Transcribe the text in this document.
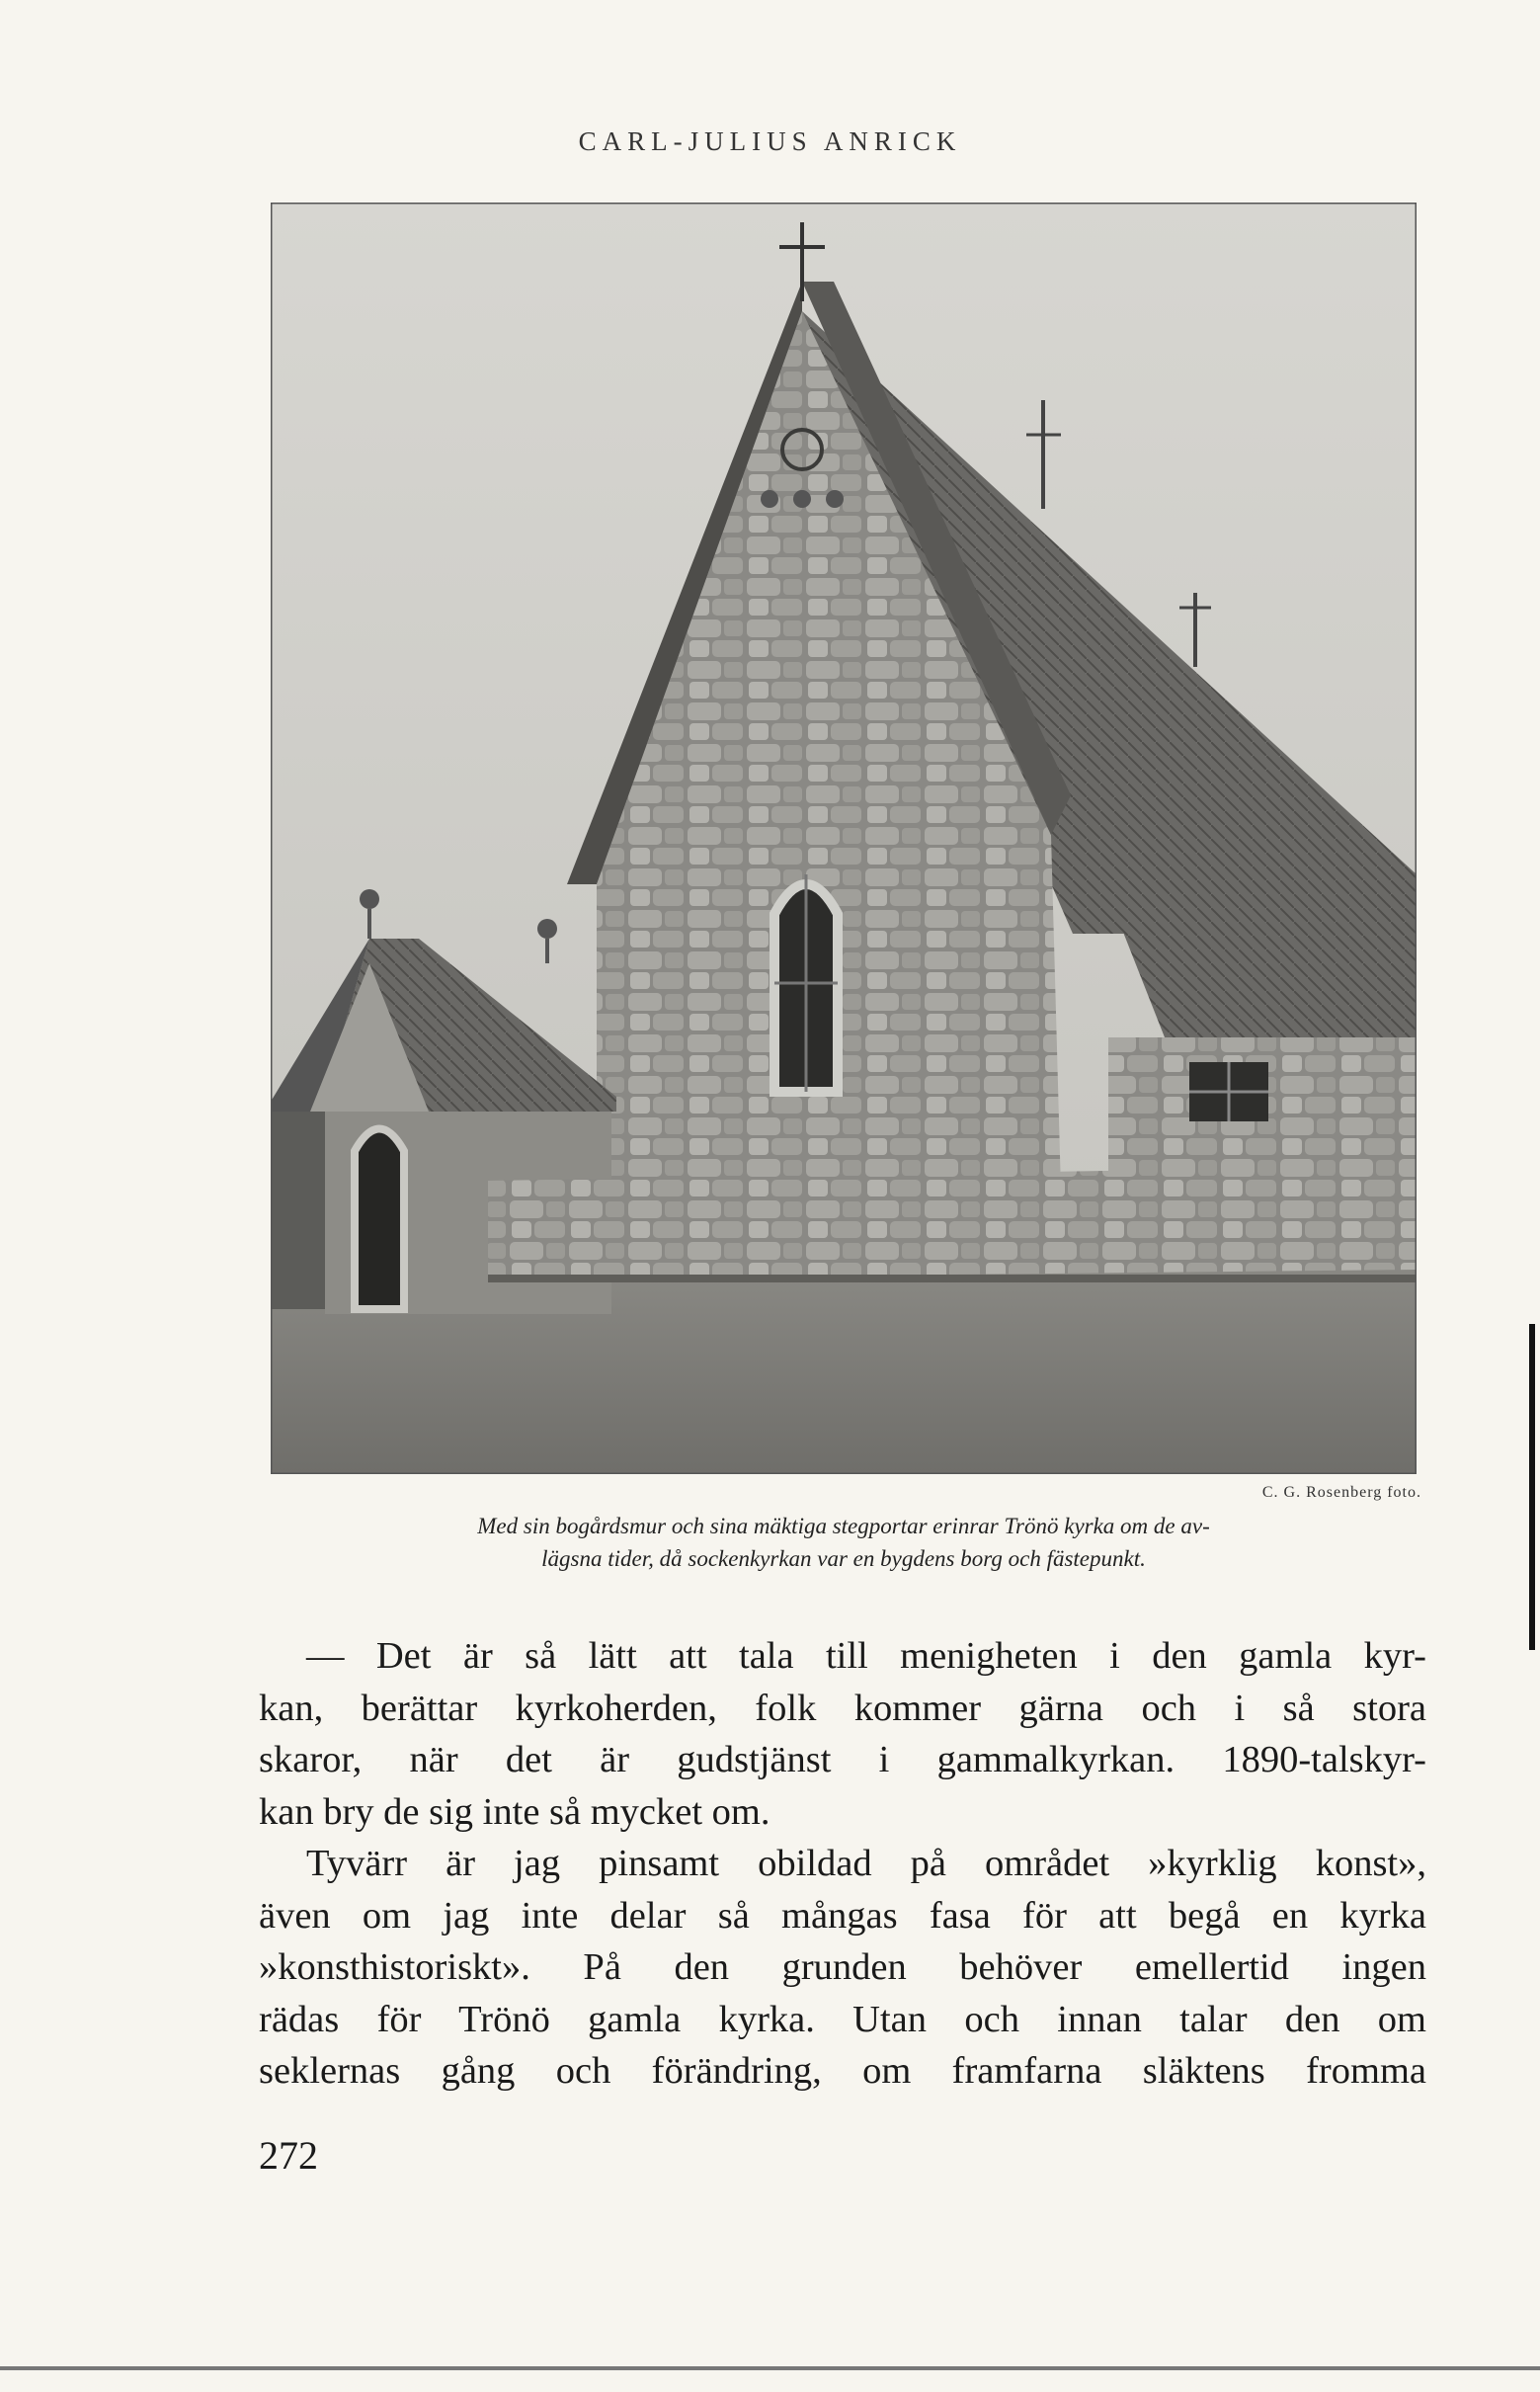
CARL-JULIUS ANRICK
C. G. Rosenberg foto.
Med sin bogårdsmur och sina mäktiga stegportar erinrar Trönö kyrka om de av-
lägsna tider, då sockenkyrkan var en bygdens borg och fästepunkt.
— Det är så lätt att tala till menigheten i den gamla kyr-
kan, berättar kyrkoherden, folk kommer gärna och i så stora
skaror, när det är gudstjänst i gammalkyrkan. 1890-talskyr-
kan bry de sig inte så mycket om.
Tyvärr är jag pinsamt obildad på området »kyrklig konst»,
även om jag inte delar så mångas fasa för att begå en kyrka
»konsthistoriskt». På den grunden behöver emellertid ingen
rädas för Trönö gamla kyrka. Utan och innan talar den om
seklernas gång och förändring, om framfarna släktens fromma
272
